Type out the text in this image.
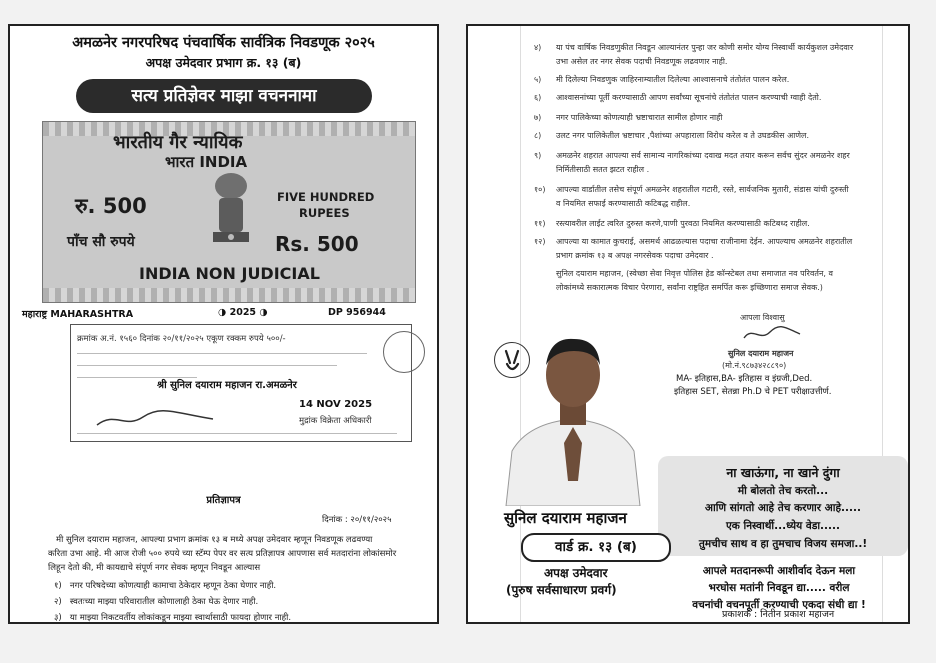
अमळनेर नगरपरिषद पंचवार्षिक सार्वत्रिक निवडणूक २०२५
अपक्ष उमेदवार प्रभाग क्र. १३ (ब)
सत्य प्रतिज्ञेवर माझा वचननामा
भारतीय गैर न्यायिक
भारत INDIA
रु. 500	FIVE HUNDRED
RUPEES
पाँच सौ रुपये	Rs. 500
INDIA NON JUDICIAL
महाराष्ट्र MAHARASHTRA	◑ 2025 ◑	DP 956944
क्रमांक अ.नं. १५६० दिनांक २०/११/२०२५ एकूण रक्कम रुपये ५००/-
श्री सुनिल दयाराम महाजन रा.अमळनेर
14 NOV 2025
मुद्रांक विक्रेता अधिकारी
प्रतिज्ञापत्र
दिनांक : २०/११/२०२५
मी सुनिल दयाराम महाजन, आपल्या प्रभाग क्रमांक १३ ब मध्ये अपक्ष उमेदवार म्हणून निवडणूक लढवण्या
करिता उभा आहे. मी आज रोजी ५०० रुपये च्या स्टॅम्प पेपर वर सत्य प्रतिज्ञापत्र आपणास सर्व मतदारांना लोकांसमोर
लिहून देतो की, मी कायद्याचे संपूर्ण नगर सेवक म्हणून निवडून आल्यास
१) नगर परिषदेच्या कोणत्याही कामाचा ठेकेदार म्हणून ठेका घेणार नाही.
२) स्वतःच्या माझ्या परिवारातील कोणालाही ठेका घेऊ देणार नाही.
३) या माझ्या निकटवर्तीय लोकांकडून माझ्या स्वार्थासाठी फायदा होणार नाही.
४) या पंच वार्षिक निवडणुकीत निवडून आल्यानंतर पुन्हा जर कोणी समोर योग्य निस्वार्थी कार्यकुशल उमेदवार
उभा असेल तर नगर सेवक पदाची निवडणूक लढवणार नाही.
५) मी दिलेल्या निवडणुक जाहिरनाम्यातील दिलेल्या आश्वासनाचे तंतोतंत पालन करेल.
६) आश्वासनांच्या पूर्ती करण्यासाठी आपण सर्वांच्या सूचनांचे तंतोतंत पालन करण्याची ग्वाही देतो.
७) नगर पालिकेच्या कोणत्याही भ्रष्टाचारात सामील होणार नाही
८) उलट नगर पालिकेतील भ्रष्टाचार ,पैशांच्या अपहाराला विरोध करेल व ते उघडकीस आणेल.
९) अमळनेर शहरात आपल्या सर्व सामान्य नागरिकांच्या दवाख मदत तयार करून सर्वच सुंदर अमळनेर शहर
निर्मितीसाठी सतत झटत राहील .
१०) आपल्या वार्डातील तसेच संपूर्ण अमळनेर शहरातील गटारी, रस्ते, सार्वजनिक मुतारी, संडास यांची दुरुस्ती
व नियमित सफाई करण्यासाठी कटिबद्ध राहील.
११) रस्त्यावरील लाईट त्वरित दुरुस्त करणे,पाणी पुरवठा नियमित करण्यासाठी कटिबध्द राहील.
१२) आपल्या या कामात कुचराई, असमर्थ आढळल्यास पदाचा राजीनामा देईन. आपल्याच अमळनेर शहरातील
प्रभाग क्रमांक १३ ब अपक्ष नगरसेवक पदाचा उमेदवार .
सुनिल दयाराम महाजन, (स्वेच्छा सेवा निवृत्त पोलिस हेड कॉन्स्टेबल तथा समाजात नव परिवर्तन, व
लोकांमध्ये सकारात्मक विचार पेरणारा, सर्वांना राष्ट्रहित समर्पित करू इच्छिणारा समाज सेवक.)
आपला विश्वासु
सुनिल दयाराम महाजन
(मो.नं.९८७३४२८८९०)
MA- इतिहास,BA- इतिहास व इंग्रजी,Ded.
इतिहास SET, सेतन्ना Ph.D चे PET परीक्षाउत्तीर्ण.
ना खाऊंगा, ना खाने दुंगा
मी बोलतो तेच करतो...
आणि सांगतो आहे तेच करणार आहे.....
एक निस्वार्थी...ध्येय वेडा.....
तुमचीच साथ व हा तुमचाच विजय समजा..!
सुनिल दयाराम महाजन
वार्ड क्र. १३ (ब)
अपक्ष उमेदवार
(पुरुष सर्वसाधारण प्रवर्ग)
आपले मतदानरूपी आशीर्वाद देऊन मला
भरघोस मतांनी निवडून द्या..... वरील
वचनांची वचनपूर्ती करण्याची एकदा संधी द्या !
प्रकाशक : नितीन प्रकाश महाजन
